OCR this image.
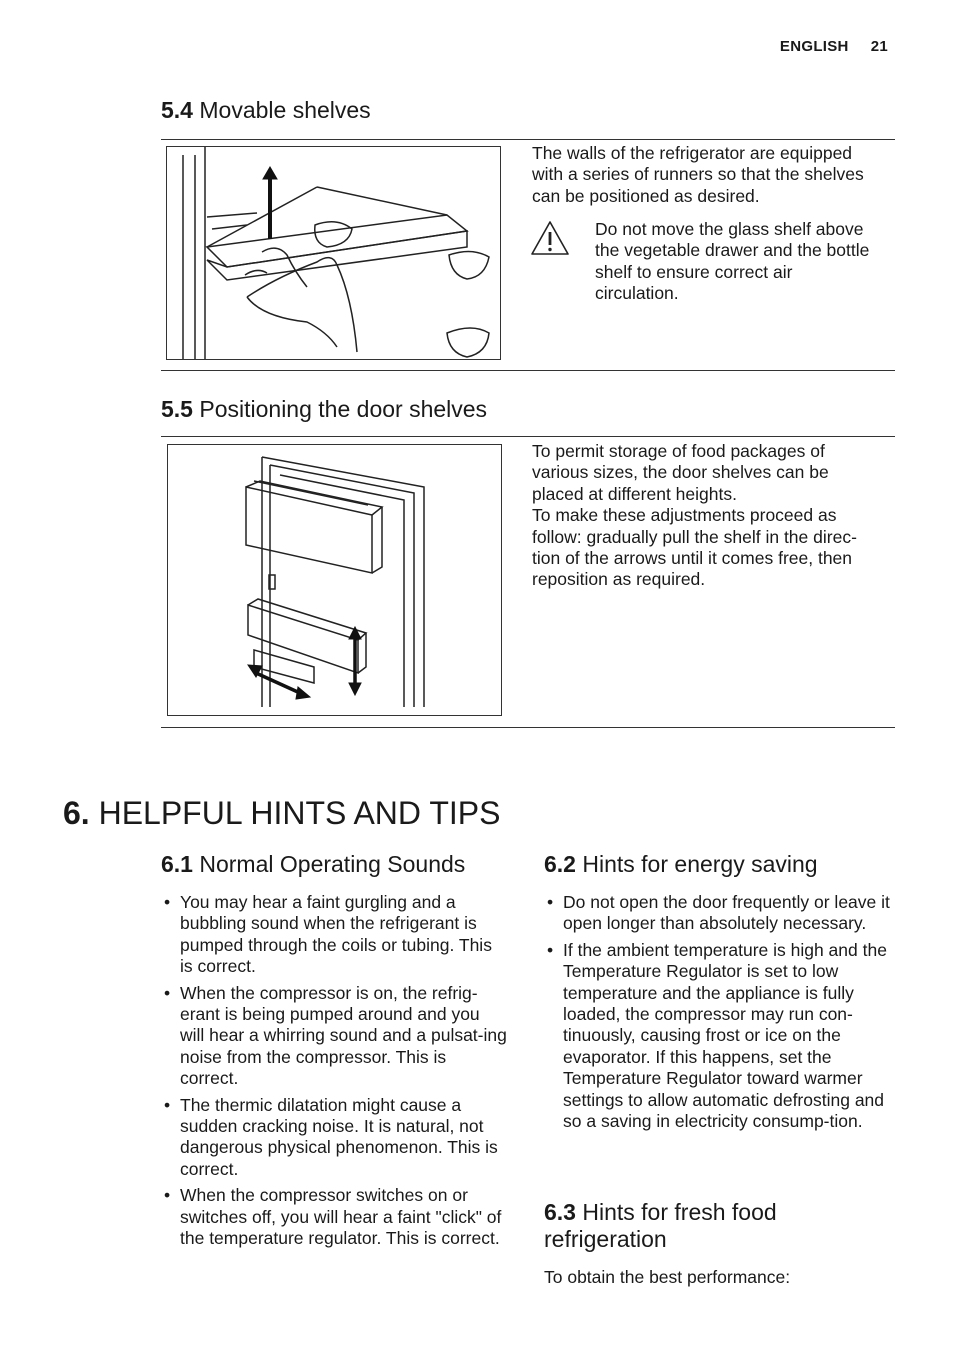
ENGLISH 21
5.4 Movable shelves
The walls of the refrigerator are equipped with a series of runners so that the shelves can be positioned as desired.
Do not move the glass shelf above the vegetable drawer and the bottle shelf to ensure correct air circulation.
5.5 Positioning the door shelves
To permit storage of food packages of various sizes, the door shelves can be placed at different heights.
To make these adjustments proceed as follow: gradually pull the shelf in the direc-tion of the arrows until it comes free, then reposition as required.
6. HELPFUL HINTS AND TIPS
6.1 Normal Operating Sounds
• You may hear a faint gurgling and a bubbling sound when the refrigerant is pumped through the coils or tubing. This is correct.
• When the compressor is on, the refrig-erant is being pumped around and you will hear a whirring sound and a pulsat-ing noise from the compressor. This is correct.
• The thermic dilatation might cause a sudden cracking noise. It is natural, not dangerous physical phenomenon. This is correct.
• When the compressor switches on or switches off, you will hear a faint "click" of the temperature regulator. This is correct.
6.2 Hints for energy saving
• Do not open the door frequently or leave it open longer than absolutely necessary.
• If the ambient temperature is high and the Temperature Regulator is set to low temperature and the appliance is fully loaded, the compressor may run con-tinuously, causing frost or ice on the evaporator. If this happens, set the Temperature Regulator toward warmer settings to allow automatic defrosting and so a saving in electricity consump-tion.
6.3 Hints for fresh food refrigeration
To obtain the best performance:
